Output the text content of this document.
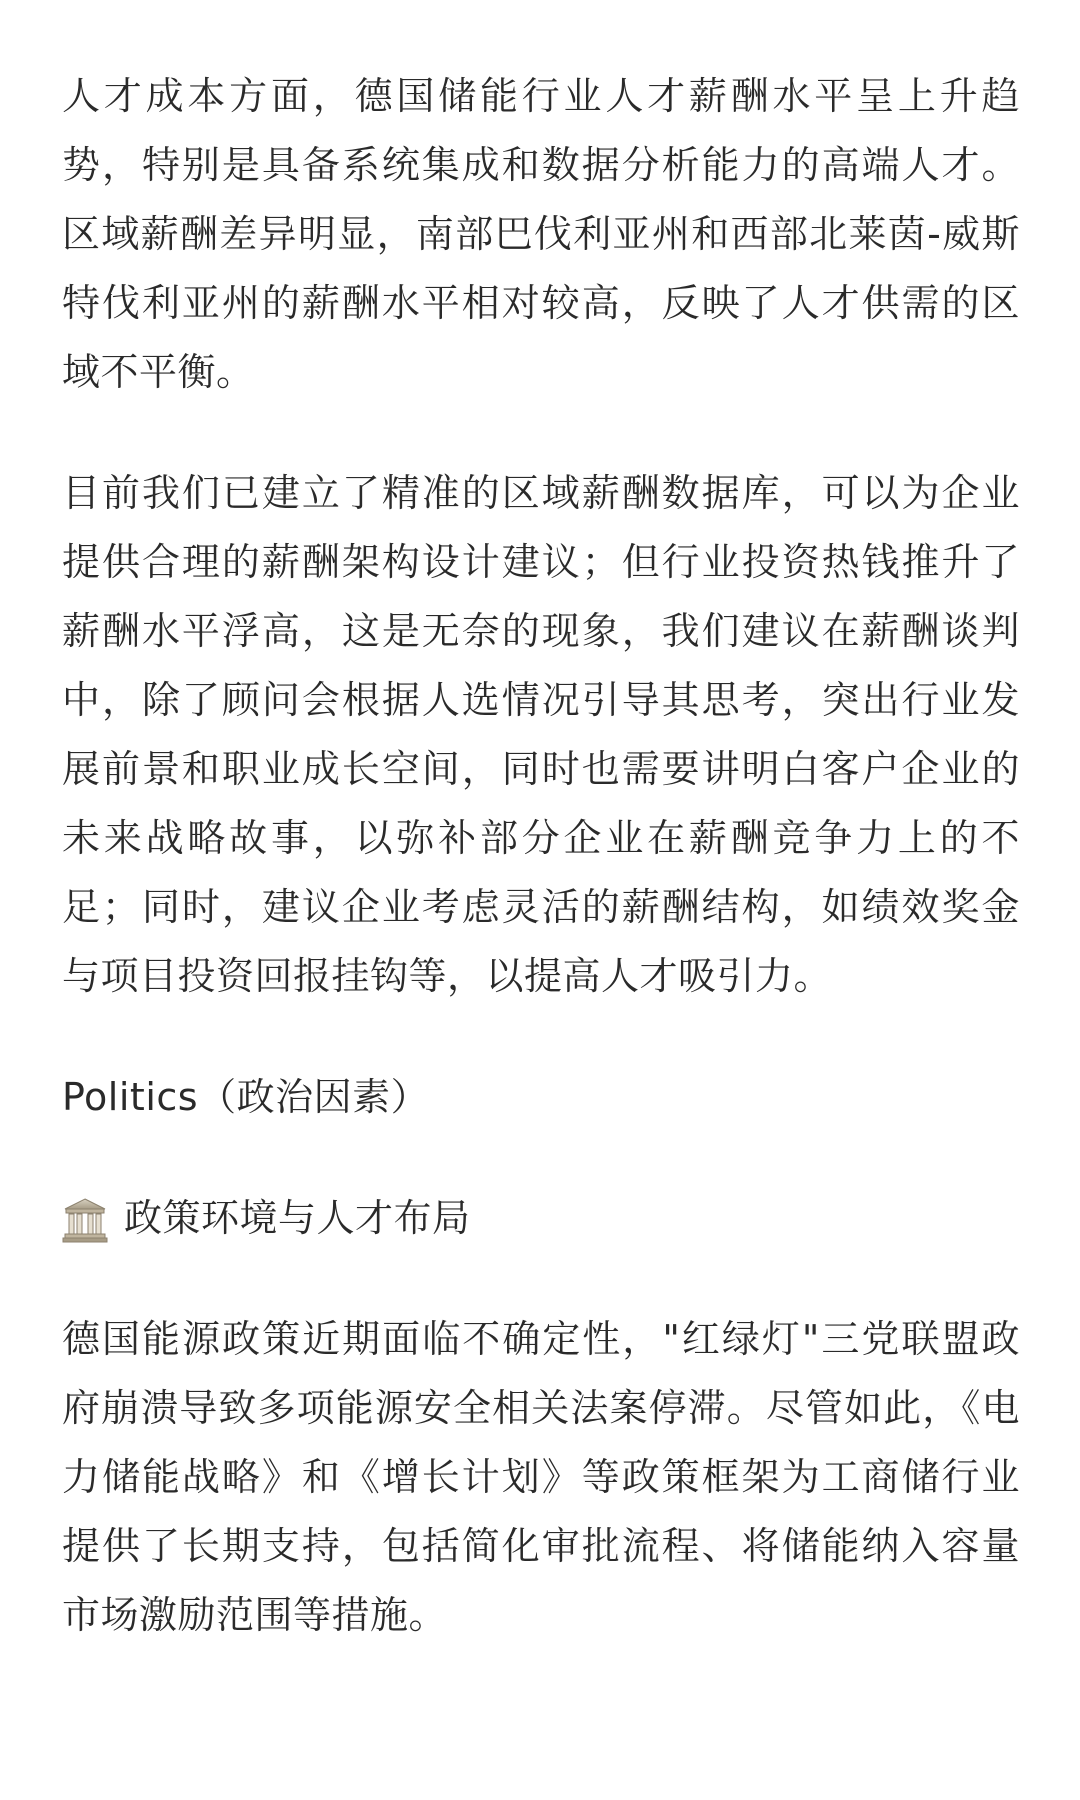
人才成本方面，德国储能行业人才薪酬水平呈上升趋势，特别是具备系统集成和数据分析能力的高端人才。区域薪酬差异明显，南部巴伐利亚州和西部北莱茵-威斯特伐利亚州的薪酬水平相对较高，反映了人才供需的区域不平衡。

目前我们已建立了精准的区域薪酬数据库，可以为企业提供合理的薪酬架构设计建议；但行业投资热钱推升了薪酬水平浮高，这是无奈的现象，我们建议在薪酬谈判中，除了顾问会根据人选情况引导其思考，突出行业发展前景和职业成长空间，同时也需要讲明白客户企业的未来战略故事，以弥补部分企业在薪酬竞争力上的不足；同时，建议企业考虑灵活的薪酬结构，如绩效奖金与项目投资回报挂钩等，以提高人才吸引力。

Politics（政治因素）

政策环境与人才布局

德国能源政策近期面临不确定性，"红绿灯"三党联盟政府崩溃导致多项能源安全相关法案停滞。尽管如此，《电力储能战略》和《增长计划》等政策框架为工商储行业提供了长期支持，包括简化审批流程、将储能纳入容量市场激励范围等措施。
